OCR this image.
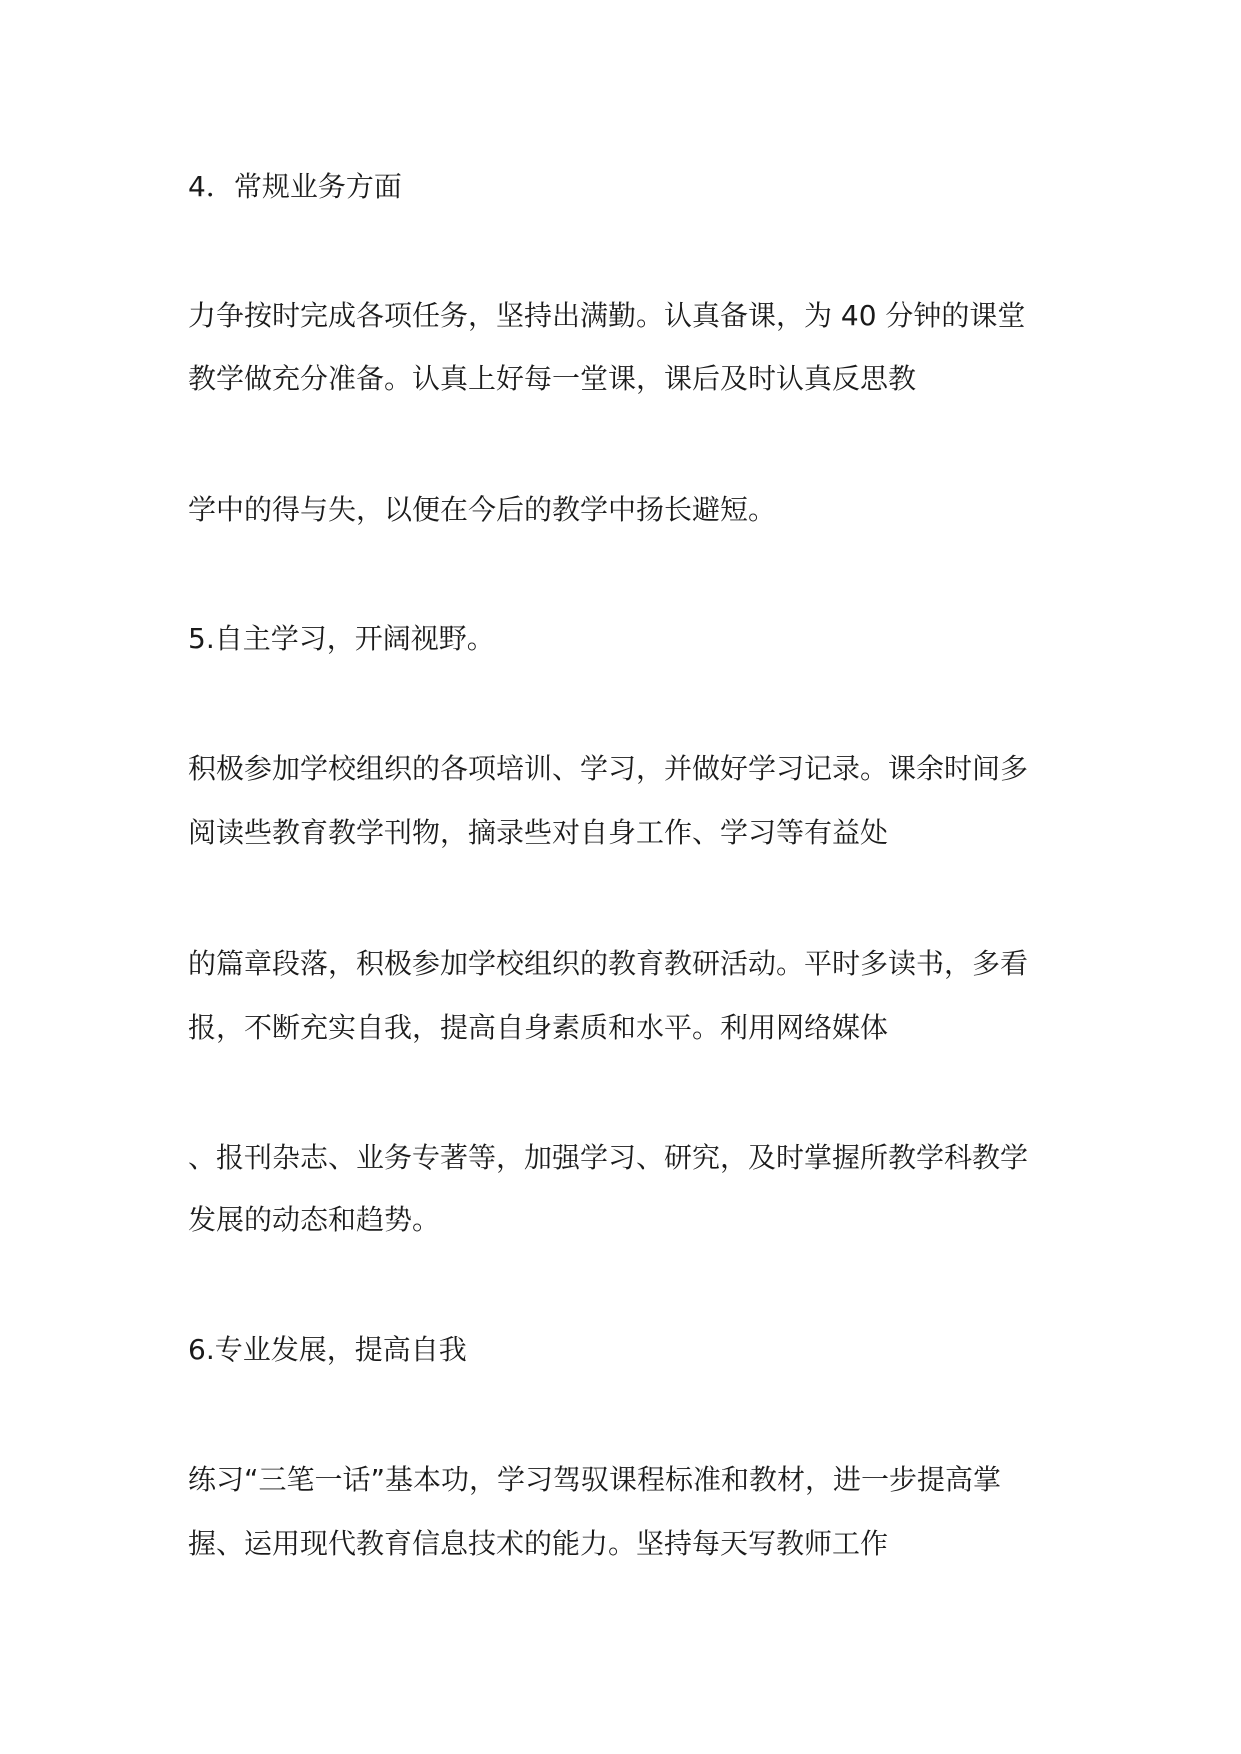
4．常规业务方面
力争按时完成各项任务，坚持出满勤。认真备课，为 40 分钟的课堂
教学做充分准备。认真上好每一堂课，课后及时认真反思教
学中的得与失，以便在今后的教学中扬长避短。
5.自主学习，开阔视野。
积极参加学校组织的各项培训、学习，并做好学习记录。课余时间多
阅读些教育教学刊物，摘录些对自身工作、学习等有益处
的篇章段落，积极参加学校组织的教育教研活动。平时多读书，多看
报，不断充实自我，提高自身素质和水平。利用网络媒体
、报刊杂志、业务专著等，加强学习、研究，及时掌握所教学科教学
发展的动态和趋势。
6.专业发展，提高自我
练习“三笔一话”基本功，学习驾驭课程标准和教材，进一步提高掌
握、运用现代教育信息技术的能力。坚持每天写教师工作
